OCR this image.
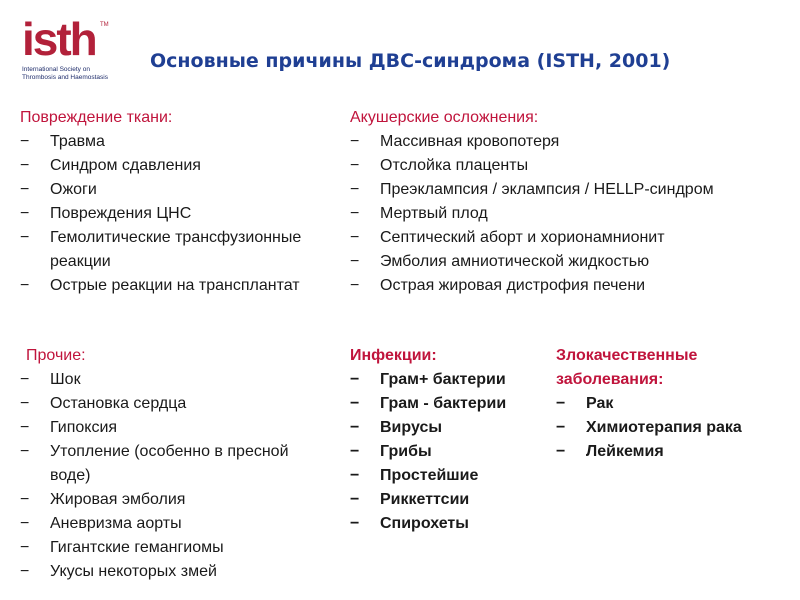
isth TM
International Society on
Thrombosis and Haemostasis
Основные причины ДВС-синдрома (ISTH, 2001)
Повреждение ткани:
− Травма
− Синдром сдавления
− Ожоги
− Повреждения ЦНС
− Гемолитические трансфузионные реакции
− Острые реакции на трансплантат
Акушерские осложнения:
− Массивная кровопотеря
− Отслойка плаценты
− Преэклампсия / эклампсия / HELLP-синдром
− Мертвый плод
− Септический аборт и хорионамнионит
− Эмболия амниотической жидкостью
− Острая жировая дистрофия печени
Прочие:
− Шок
− Остановка сердца
− Гипоксия
− Утопление (особенно в пресной воде)
− Жировая эмболия
− Аневризма аорты
− Гигантские гемангиомы
− Укусы некоторых змей
Инфекции:
− Грам+ бактерии
− Грам - бактерии
− Вирусы
− Грибы
− Простейшие
− Риккеттсии
− Спирохеты
Злокачественные заболевания:
− Рак
− Химиотерапия рака
− Лейкемия
